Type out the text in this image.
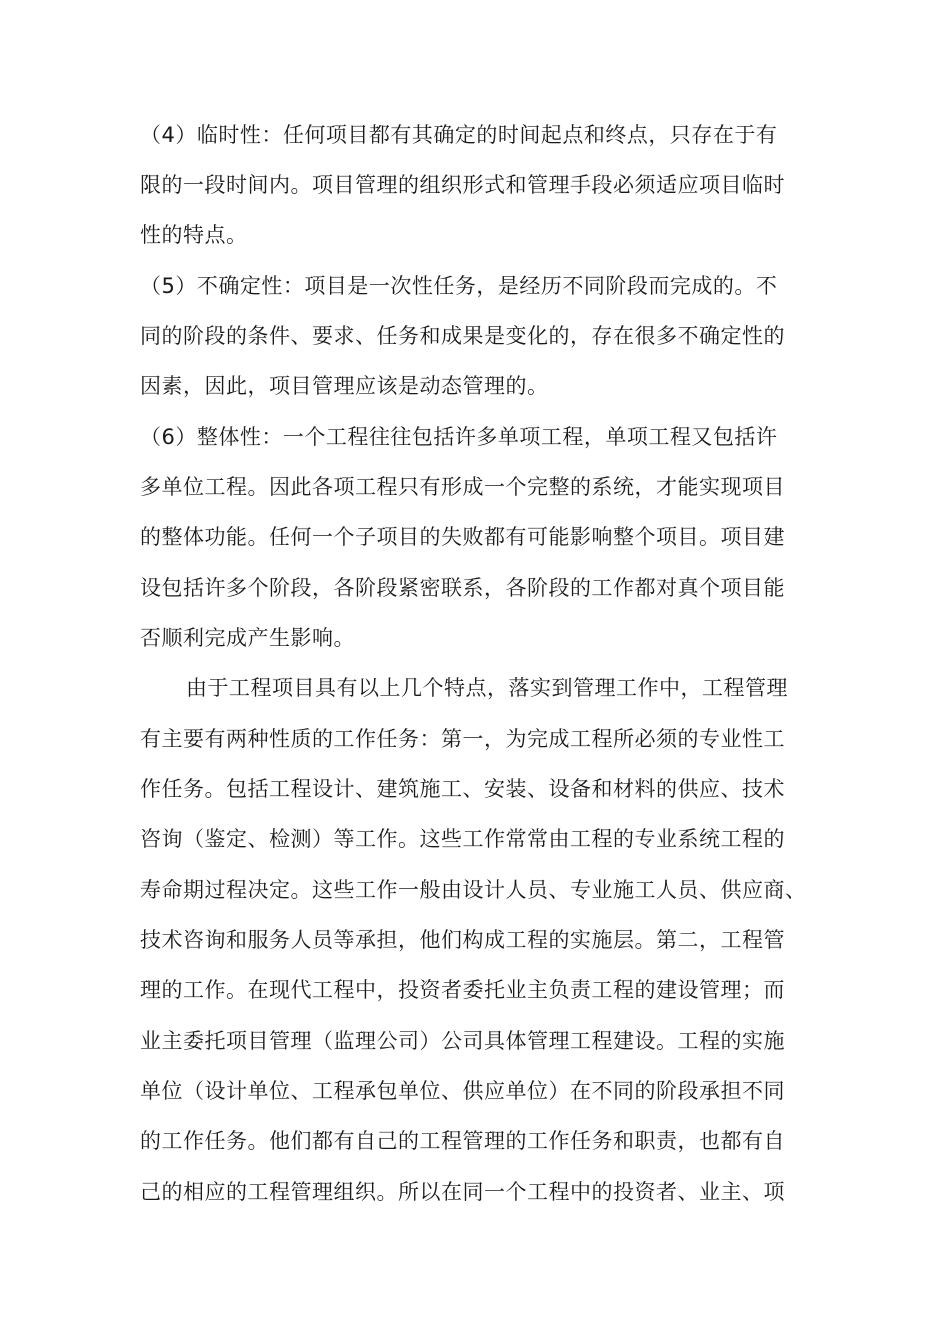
（4）临时性：任何项目都有其确定的时间起点和终点，只存在于有
限的一段时间内。项目管理的组织形式和管理手段必须适应项目临时
性的特点。
（5）不确定性：项目是一次性任务，是经历不同阶段而完成的。不
同的阶段的条件、要求、任务和成果是变化的，存在很多不确定性的
因素，因此，项目管理应该是动态管理的。
（6）整体性：一个工程往往包括许多单项工程，单项工程又包括许
多单位工程。因此各项工程只有形成一个完整的系统，才能实现项目
的整体功能。任何一个子项目的失败都有可能影响整个项目。项目建
设包括许多个阶段，各阶段紧密联系，各阶段的工作都对真个项目能
否顺利完成产生影响。
由于工程项目具有以上几个特点，落实到管理工作中，工程管理
有主要有两种性质的工作任务：第一，为完成工程所必须的专业性工
作任务。包括工程设计、建筑施工、安装、设备和材料的供应、技术
咨询（鉴定、检测）等工作。这些工作常常由工程的专业系统工程的
寿命期过程决定。这些工作一般由设计人员、专业施工人员、供应商、
技术咨询和服务人员等承担，他们构成工程的实施层。第二，工程管
理的工作。在现代工程中，投资者委托业主负责工程的建设管理；而
业主委托项目管理（监理公司）公司具体管理工程建设。工程的实施
单位（设计单位、工程承包单位、供应单位）在不同的阶段承担不同
的工作任务。他们都有自己的工程管理的工作任务和职责，也都有自
己的相应的工程管理组织。所以在同一个工程中的投资者、业主、项
